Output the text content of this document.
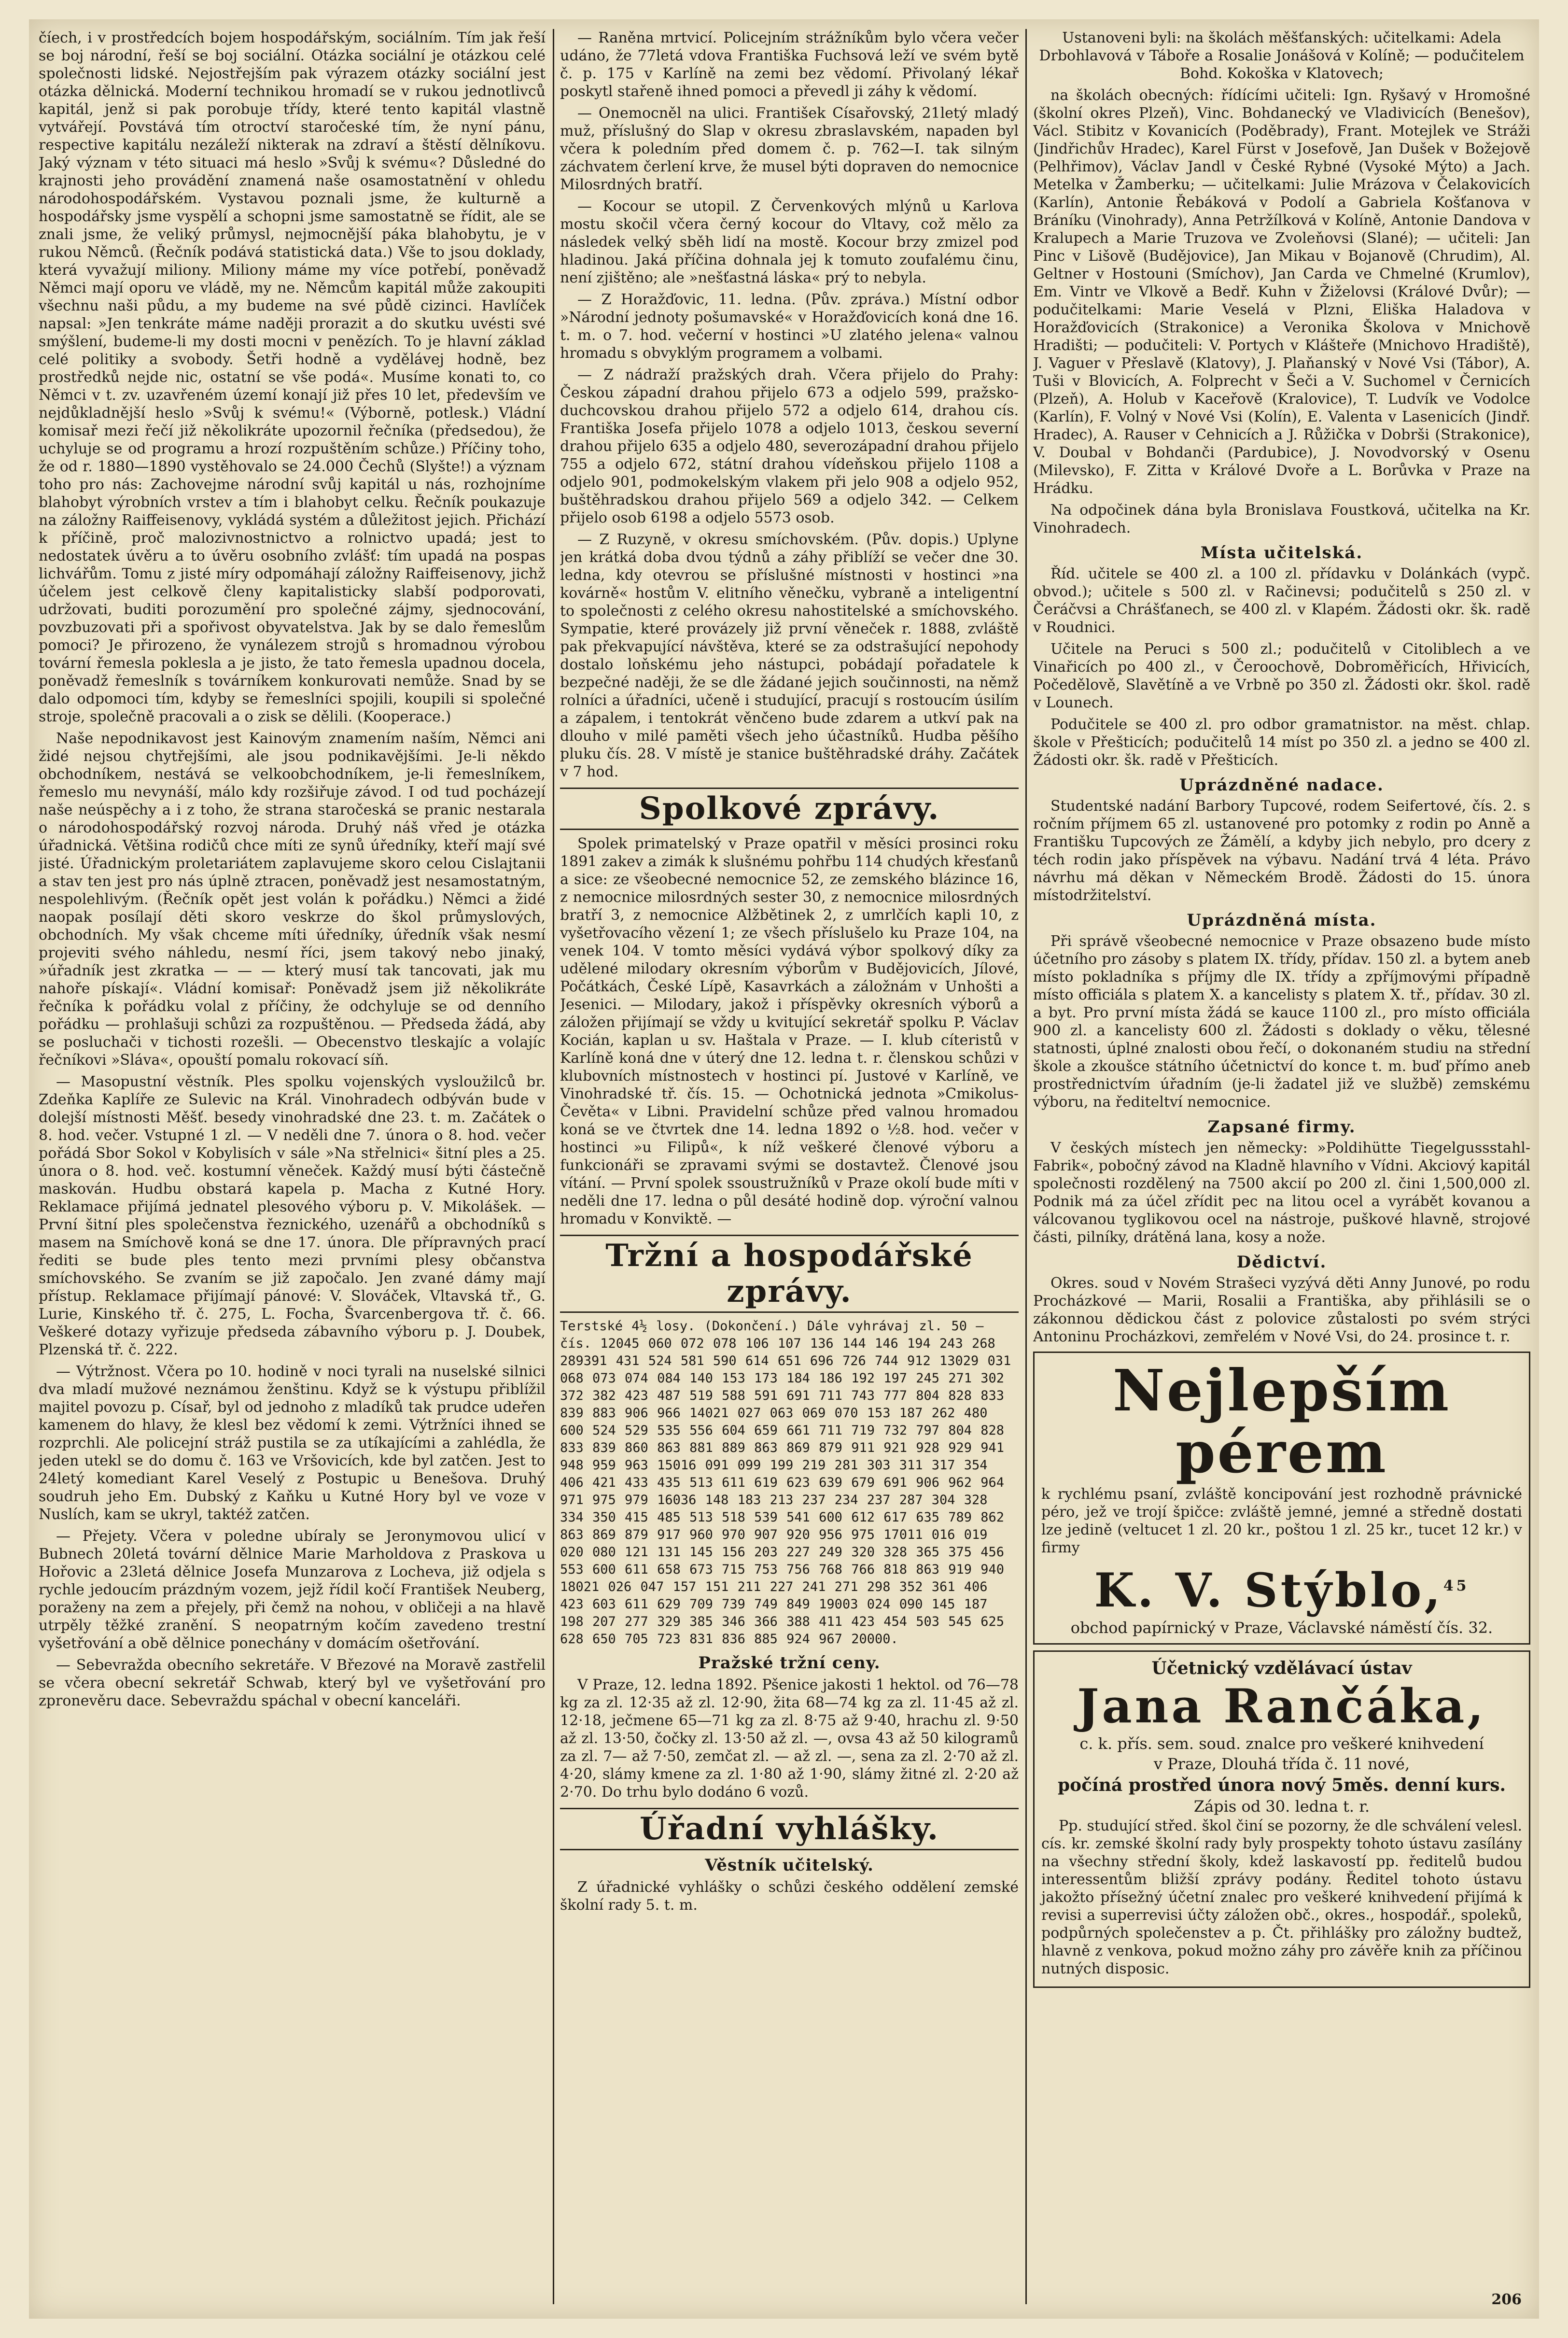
číech, i v prostředcích bojem hospodářským, sociálním. Tím jak řeší se boj národní, řeší se boj sociální. Otázka sociální je otázkou celé společnosti lidské. Nejostřejším pak výrazem otázky sociální jest otázka dělnická. Moderní technikou hromadí se v rukou jednotlivců kapitál, jenž si pak porobuje třídy, které tento kapitál vlastně vytvářejí. Povstává tím otroctví staročeské tím, že nyní pánu, respective kapitálu nezáleží nikterak na zdraví a štěstí dělníkovu. Jaký význam v této situaci má heslo »Svůj k svému«? Důsledné do krajnosti jeho provádění znamená naše osamostatnění v ohledu národohospodářském. Vystavou poznali jsme, že kulturně a hospodářsky jsme vyspělí a schopni jsme samostatně se řídit, ale se znali jsme, že veliký průmysl, nejmocnější páka blahobytu, je v rukou Němců. (Řečník podává statistická data.) Vše to jsou doklady, která vyvažují miliony. Miliony máme my více potřebí, poněvadž Němci mají oporu ve vládě, my ne. Němcům kapitál může zakoupiti všechnu naši půdu, a my budeme na své půdě cizinci. Havlíček napsal: »Jen tenkráte máme naději prorazit a do skutku uvésti své smýšlení, budeme-li my dosti mocni v penězích. To je hlavní základ celé politiky a svobody. Šetři hodně a vydělávej hodně, bez prostředků nejde nic, ostatní se vše podá«. Musíme konati to, co Němci v t. zv. uzavřeném území konají již přes 10 let, především ve nejdůkladnější heslo »Svůj k svému!« (Výborně, potlesk.) Vládní komisař mezi řečí již několikráte upozornil řečníka (předsedou), že uchyluje se od programu a hrozí rozpuštěním schůze.) Příčiny toho, že od r. 1880—1890 vystěhovalo se 24.000 Čechů (Slyšte!) a význam toho pro nás: Zachovejme národní svůj kapitál u nás, rozhojníme blahobyt výrobních vrstev a tím i blahobyt celku. Řečník poukazuje na záložny Raiffeisenovy, vykládá systém a důležitost jejich. Přichází k příčině, proč malozivnostnictvo a rolnictvo upadá; jest to nedostatek úvěru a to úvěru osobního zvlášť: tím upadá na pospas lichvářům. Tomu z jisté míry odpomáhají záložny Raiffeisenovy, jichž účelem jest celkově členy kapitalisticky slabší podporovati, udržovati, buditi porozumění pro společné zájmy, sjednocování, povzbuzovati při a spořivost obyvatelstva. Jak by se dalo řemeslům pomoci? Je přirozeno, že vynálezem strojů s hromadnou výrobou tovární řemesla poklesla a je jisto, že tato řemesla upadnou docela, poněvadž řemeslník s továrníkem konkurovati nemůže. Snad by se dalo odpomoci tím, kdyby se řemeslníci spojili, koupili si společné stroje, společně pracovali a o zisk se dělili. (Kooperace.)

Naše nepodnikavost jest Kainovým znamením naším, Němci ani židé nejsou chytřejšími, ale jsou podnikavějšími. Je-li někdo obchodníkem, nestává se velkoobchodníkem, je-li řemeslníkem, řemeslo mu nevynáší, málo kdy rozšiřuje závod. I od tud pocházejí naše neúspěchy a i z toho, že strana staročeská se pranic nestarala o národohospodářský rozvoj národa. Druhý náš vřed je otázka úřadnická. Většina rodičů chce míti ze synů úředníky, kteří mají své jisté. Úřadnickým proletariátem zaplavujeme skoro celou Cislajtanii a stav ten jest pro nás úplně ztracen, poněvadž jest nesamostatným, nespolehlivým. (Řečník opět jest volán k pořádku.) Němci a židé naopak posílají děti skoro veskrze do škol průmyslových, obchodních. My však chceme míti úředníky, úředník však nesmí projeviti svého náhledu, nesmí říci, jsem takový nebo jinaký, »úřadník jest zkratka — — — který musí tak tancovati, jak mu nahoře pískají«. Vládní komisař: Poněvadž jsem již několikráte řečníka k pořádku volal z příčiny, že odchyluje se od denního pořádku — prohlašuji schůzi za rozpuštěnou. — Předseda žádá, aby se posluchači v tichosti rozešli. — Obecenstvo tleskajíc a volajíc řečníkovi »Sláva«, opouští pomalu rokovací síň.

— Masopustní věstník. Ples spolku vojenských vysloužilců br. Zdeňka Kaplíře ze Sulevic na Král. Vinohradech odbýván bude v dolejší místnosti Měšť. besedy vinohradské dne 23. t. m. Začátek o 8. hod. večer. Vstupné 1 zl. — V neděli dne 7. února o 8. hod. večer pořádá Sbor Sokol v Kobylisích v sále »Na střelnici« šitní ples a 25. února o 8. hod. več. kostumní věneček. Každý musí býti částečně maskován. Hudbu obstará kapela p. Macha z Kutné Hory. Reklamace přijímá jednatel plesového výboru p. V. Mikolášek. — První šitní ples společenstva řeznického, uzenářů a obchodníků s masem na Smíchově koná se dne 17. února. Dle přípravných prací řediti se bude ples tento mezi prvními plesy občanstva smíchovského. Se zvaním se již započalo. Jen zvané dámy mají přístup. Reklamace přijímají pánové: V. Slováček, Vltavská tř., G. Lurie, Kinského tř. č. 275, L. Focha, Švarcenbergova tř. č. 66. Veškeré dotazy vyřizuje předseda zábavního výboru p. J. Doubek, Plzenská tř. č. 222.

— Výtržnost. Včera po 10. hodině v noci tyrali na nuselské silnici dva mladí mužové neznámou ženštinu. Když se k výstupu přiblížil majitel povozu p. Císař, byl od jednoho z mladíků tak prudce udeřen kamenem do hlavy, že klesl bez vědomí k zemi. Výtržníci ihned se rozprchli. Ale policejní stráž pustila se za utíkajícími a zahlédla, že jeden utekl se do domu č. 163 ve Vršovicích, kde byl zatčen. Jest to 24letý komediant Karel Veselý z Postupic u Benešova. Druhý soudruh jeho Em. Dubský z Kaňku u Kutné Hory byl ve voze v Nuslích, kam se ukryl, taktéž zatčen.

— Přejety. Včera v poledne ubíraly se Jeronymovou ulicí v Bubnech 20letá tovární dělnice Marie Marholdova z Praskova u Hořovic a 23letá dělnice Josefa Munzarova z Locheva, již odjela s rychle jedoucím prázdným vozem, jejž řídil kočí František Neuberg, poraženy na zem a přejely, při čemž na nohou, v obličeji a na hlavě utrpěly těžké zranění. S neopatrným kočím zavedeno trestní vyšetřování a obě dělnice ponechány v domácím ošetřování.

— Sebevražda obecního sekretáře. V Březové na Moravě zastřelil se včera obecní sekretář Schwab, který byl ve vyšetřování pro zpronevěru dace. Sebevraždu spáchal v obecní kanceláři.

— Raněna mrtvicí. Policejním strážníkům bylo včera večer udáno, že 77letá vdova Františka Fuchsová leží ve svém bytě č. p. 175 v Karlíně na zemi bez vědomí. Přivolaný lékař poskytl stařeně ihned pomoci a převedl ji záhy k vědomí.

— Onemocněl na ulici. František Císařovský, 21letý mladý muž, příslušný do Slap v okresu zbraslavském, napaden byl včera k poledním před domem č. p. 762—I. tak silným záchvatem čerlení krve, že musel býti dopraven do nemocnice Milosrdných bratří.

— Kocour se utopil. Z Červenkových mlýnů u Karlova mostu skočil včera černý kocour do Vltavy, což mělo za následek velký sběh lidí na mostě. Kocour brzy zmizel pod hladinou. Jaká příčina dohnala jej k tomuto zoufalému činu, není zjištěno; ale »nešťastná láska« prý to nebyla.

— Z Horažďovic, 11. ledna. (Pův. zpráva.) Místní odbor »Národní jednoty pošumavské« v Horažďovicích koná dne 16. t. m. o 7. hod. večerní v hostinci »U zlatého jelena« valnou hromadu s obvyklým programem a volbami.

— Z nádraží pražských drah. Včera přijelo do Prahy: Českou západní drahou přijelo 673 a odjelo 599, pražsko-duchcovskou drahou přijelo 572 a odjelo 614, drahou cís. Františka Josefa přijelo 1078 a odjelo 1013, českou severní drahou přijelo 635 a odjelo 480, severozápadní drahou přijelo 755 a odjelo 672, státní drahou vídeňskou přijelo 1108 a odjelo 901, podmokelským vlakem při jelo 908 a odjelo 952, buštěhradskou drahou přijelo 569 a odjelo 342. — Celkem přijelo osob 6198 a odjelo 5573 osob.

— Z Ruzyně, v okresu smíchovském. (Pův. dopis.) Uplyne jen krátká doba dvou týdnů a záhy přiblíží se večer dne 30. ledna, kdy otevrou se příslušné místnosti v hostinci »na kovárně« hostům V. elitního věnečku, vybraně a inteligentní to společnosti z celého okresu nahostitelské a smíchovského. Sympatie, které provázely již první věneček r. 1888, zvláště pak překvapující návštěva, které se za odstrašující nepohody dostalo loňskému jeho nástupci, pobádají pořadatele k bezpečné naději, že se dle žádané jejich součinnosti, na němž rolníci a úřadníci, učeně i studující, pracují s rostoucím úsilím a zápalem, i tentokrát věnčeno bude zdarem a utkví pak na dlouho v milé paměti všech jeho účastníků. Hudba pěšího pluku čís. 28. V místě je stanice buštěhradské dráhy. Začátek v 7 hod.

Spolkové zprávy.

Spolek primatelský v Praze opatřil v měsíci prosinci roku 1891 zakev a zimák k slušnému pohřbu 114 chudých křesťanů a sice: ze všeobecné nemocnice 52, ze zemského blázince 16, z nemocnice milosrdných sester 30, z nemocnice milosrdných bratří 3, z nemocnice Alžbětinek 2, z umrlčích kapli 10, z vyšetřovacího vězení 1; ze všech příslušelo ku Praze 104, na venek 104. V tomto měsíci vydává výbor spolkový díky za udělené milodary okresním výborům v Budějovicích, Jílové, Počátkách, České Lípě, Kasavrkách a záložnám v Unhošti a Jesenici. — Milodary, jakož i příspěvky okresních výborů a záložen přijímají se vždy u kvitující sekretář spolku P. Václav Kocián, kaplan u sv. Haštala v Praze. — I. klub cíteristů v Karlíně koná dne v úterý dne 12. ledna t. r. členskou schůzi v klubovních místnostech v hostinci pí. Justové v Karlíně, ve Vinohradské tř. čís. 15. — Ochotnická jednota »Cmikolus-Čevěta« v Libni. Pravidelní schůze před valnou hromadou koná se ve čtvrtek dne 14. ledna 1892 o ½8. hod. večer v hostinci »u Filipů«, k níž veškeré členové výboru a funkcionáři se zpravami svými se dostavtež. Členové jsou vítání. — První spolek ssoustružníků v Praze okolí bude míti v neděli dne 17. ledna o půl desáté hodině dop. výroční valnou hromadu v Konviktě. —

Tržní a hospodářské zprávy.

Terstské 4½ losy. (Dokončení.) Dále vyhrávaj zl. 50 — čís. 12045 060 072 078 106 107 136 144 146 194 243 268 289391 431 524 581 590 614 651 696 726 744 912 13029 031 068 073 074 084 140 153 173 184 186 192 197 245 271 302 372 382 423 487 519 588 591 691 711 743 777 804 828 833 839 883 906 966 14021 027 063 069 070 153 187 262 480 600 524 529 535 556 604 659 661 711 719 732 797 804 828 833 839 860 863 881 889 863 869 879 911 921 928 929 941 948 959 963 15016 091 099 199 219 281 303 311 317 354 406 421 433 435 513 611 619 623 639 679 691 906 962 964 971 975 979 16036 148 183 213 237 234 237 287 304 328 334 350 415 485 513 518 539 541 600 612 617 635 789 862 863 869 879 917 960 970 907 920 956 975 17011 016 019 020 080 121 131 145 156 203 227 249 320 328 365 375 456 553 600 611 658 673 715 753 756 768 766 818 863 919 940 18021 026 047 157 151 211 227 241 271 298 352 361 406 423 603 611 629 709 739 749 849 19003 024 090 145 187 198 207 277 329 385 346 366 388 411 423 454 503 545 625 628 650 705 723 831 836 885 924 967 20000.

Pražské tržní ceny.

V Praze, 12. ledna 1892. Pšenice jakosti 1 hektol. od 76—78 kg za zl. 12·35 až zl. 12·90, žita 68—74 kg za zl. 11·45 až zl. 12·18, ječmene 65—71 kg za zl. 8·75 až 9·40, hrachu zl. 9·50 až zl. 13·50, čočky zl. 13·50 až zl. —, ovsa 43 až 50 kilogramů za zl. 7— až 7·50, zemčat zl. — až zl. —, sena za zl. 2·70 až zl. 4·20, slámy kmene za zl. 1·80 až 1·90, slámy žitné zl. 2·20 až 2·70. Do trhu bylo dodáno 6 vozů.

Úřadní vyhlášky.
Věstník učitelský.

Z úřadnické vyhlášky o schůzi českého oddělení zemské školní rady 5. t. m.

Ustanoveni byli: na školách měšťanských: učitelkami: Adela Drbohlavová v Táboře a Rosalie Jonášová v Kolíně; — podučitelem Bohd. Kokoška v Klatovech;

na školách obecných: řídícími učiteli: Ign. Ryšavý v Hromošné (školní okres Plzeň), Vinc. Bohdanecký ve Vladivicích (Benešov), Václ. Stibitz v Kovanicích (Poděbrady), Frant. Motejlek ve Stráži (Jindřichův Hradec), Karel Fürst v Josefově, Jan Dušek v Božejově (Pelhřimov), Václav Jandl v České Rybné (Vysoké Mýto) a Jach. Metelka v Žamberku; — učitelkami: Julie Mrázova v Čelakovicích (Karlín), Antonie Řebáková v Podolí a Gabriela Košťanova v Bráníku (Vinohrady), Anna Petržílková v Kolíně, Antonie Dandova v Kralupech a Marie Truzova ve Zvoleňovsi (Slané); — učiteli: Jan Pinc v Lišově (Budějovice), Jan Mikau v Bojanově (Chrudim), Al. Geltner v Hostouni (Smíchov), Jan Carda ve Chmelné (Krumlov), Em. Vintr ve Vlkově a Bedř. Kuhn v Žiželovsi (Králové Dvůr); — podučitelkami: Marie Veselá v Plzni, Eliška Haladova v Horažďovicích (Strakonice) a Veronika Školova v Mnichově Hradišti; — podučiteli: V. Portych v Klášteře (Mnichovo Hradiště), J. Vaguer v Přeslavě (Klatovy), J. Plaňanský v Nové Vsi (Tábor), A. Tuši v Blovicích, A. Folprecht v Šeči a V. Suchomel v Černicích (Plzeň), A. Holub v Kaceřově (Kralovice), T. Ludvík ve Vodolce (Karlín), F. Volný v Nové Vsi (Kolín), E. Valenta v Lasenicích (Jindř. Hradec), A. Rauser v Cehnicích a J. Růžička v Dobrši (Strakonice), V. Doubal v Bohdanči (Pardubice), J. Novodvorský v Osenu (Milevsko), F. Zitta v Králové Dvoře a L. Borůvka v Praze na Hrádku.

Na odpočinek dána byla Bronislava Foustková, učitelka na Kr. Vinohradech.

Místa učitelská.

Říd. učitele se 400 zl. a 100 zl. přídavku v Dolánkách (vypč. obvod.); učitele s 500 zl. v Račinevsi; podučitelů s 250 zl. v Čeráčvsi a Chrášťanech, se 400 zl. v Klapém. Žádosti okr. šk. radě v Roudnici.

Učitele na Peruci s 500 zl.; podučitelů v Citoliblech a ve Vinařicích po 400 zl., v Čeroochově, Dobroměřicích, Hřivicích, Počedělově, Slavětíně a ve Vrbně po 350 zl. Žádosti okr. škol. radě v Lounech.

Podučitele se 400 zl. pro odbor gramatnistor. na měst. chlap. škole v Přešticích; podučitelů 14 míst po 350 zl. a jedno se 400 zl. Žádosti okr. šk. radě v Přešticích.

Uprázdněné nadace.

Studentské nadání Barbory Tupcové, rodem Seifertové, čís. 2. s ročním příjmem 65 zl. ustanovené pro potomky z rodin po Anně a Františku Tupcových ze Žámělí, a kdyby jich nebylo, pro dcery z téch rodin jako příspěvek na výbavu. Nadání trvá 4 léta. Právo návrhu má děkan v Německém Brodě. Žádosti do 15. února místodržitelství.

Uprázdněná místa.

Při správě všeobecné nemocnice v Praze obsazeno bude místo účetního pro zásoby s platem IX. třídy, přídav. 150 zl. a bytem aneb místo pokladníka s příjmy dle IX. třídy a zpříjmovými případně místo officiála s platem X. a kancelisty s platem X. tř., přídav. 30 zl. a byt. Pro první místa žádá se kauce 1100 zl., pro místo officiála 900 zl. a kancelisty 600 zl. Žádosti s doklady o věku, tělesné statnosti, úplné znalosti obou řečí, o dokonaném studiu na střední škole a zkoušce státního účetnictví do konce t. m. buď přímo aneb prostřednictvím úřadním (je-li žadatel již ve službě) zemskému výboru, na řediteltví nemocnice.

Zapsané firmy.

V českých místech jen německy: »Poldihütte Tiegelgussstahl-Fabrik«, pobočný závod na Kladně hlavního v Vídni. Akciový kapitál společnosti rozdělený na 7500 akcií po 200 zl. čini 1,500,000 zl. Podnik má za účel zřídit pec na litou ocel a vyrábět kovanou a válcovanou tyglikovou ocel na nástroje, puškové hlavně, strojové části, pilníky, drátěná lana, kosy a nože.

Dědictví.

Okres. soud v Novém Strašeci vyzývá děti Anny Junové, po rodu Procházkové — Marii, Rosalii a Františka, aby přihlásili se o zákonnou dědickou část z polovice zůstalosti po svém strýci Antoninu Procházkovi, zemřelém v Nové Vsi, do 24. prosince t. r.

Nejlepším pérem

k rychlému psaní, zvláště koncipování jest rozhodně právnické péro, jež ve trojí špičce: zvláště jemné, jemné a středně dostati lze jedině (veltucet 1 zl. 20 kr., poštou 1 zl. 25 kr., tucet 12 kr.) v firmy

K. V. Stýblo,$^{45}$

obchod papírnický v Praze, Václavské náměstí čís. 32.

Účetnický vzdělávací ústav
Jana Rančáka,

c. k. přís. sem. soud. znalce pro veškeré knihvedení

v Praze, Dlouhá třída č. 11 nové,

počíná prostřed února nový 5měs. denní kurs.

Zápis od 30. ledna t. r.

Pp. studující střed. škol činí se pozorny, že dle schválení velesl. cís. kr. zemské školní rady byly prospekty tohoto ústavu zasílány na všechny střední školy, kdež laskavostí pp. ředitelů budou interessentům bližší zprávy podány. Ředitel tohoto ústavu jakožto přísežný účetní znalec pro veškeré knihvedení přijímá k revisi a superrevisi účty záložen obč., okres., hospodář., spoleků, podpůrných společenstev a p. Čt. přihlášky pro záložny budtež, hlavně z venkova, pokud možno záhy pro závěře knih za příčinou nutných disposic.

206
